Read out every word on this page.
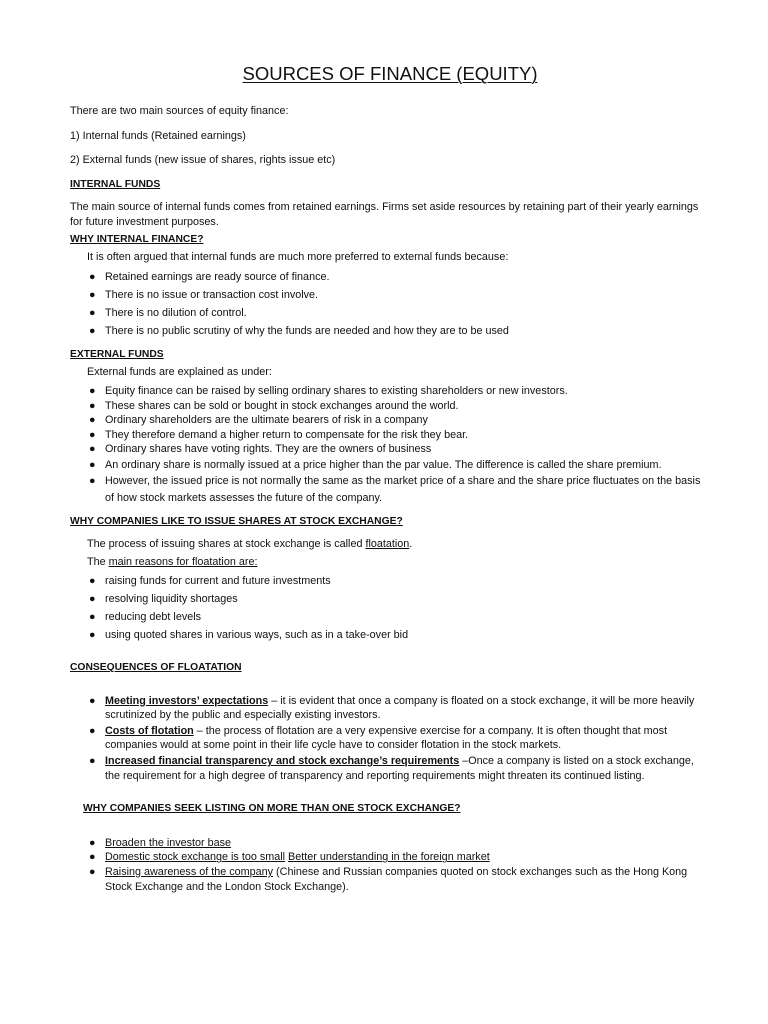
SOURCES OF FINANCE (EQUITY)

There are two main sources of equity finance:

1) Internal funds (Retained earnings)

2) External funds (new issue of shares, rights issue etc)

INTERNAL FUNDS

The main source of internal funds comes from retained earnings. Firms set aside resources by retaining part of their yearly earnings for future investment purposes.

WHY INTERNAL FINANCE?

It is often argued that internal funds are much more preferred to external funds because:

● Retained earnings are ready source of finance.
● There is no issue or transaction cost involve.
● There is no dilution of control.
● There is no public scrutiny of why the funds are needed and how they are to be used

EXTERNAL FUNDS

External funds are explained as under:

● Equity finance can be raised by selling ordinary shares to existing shareholders or new investors.
● These shares can be sold or bought in stock exchanges around the world.
● Ordinary shareholders are the ultimate bearers of risk in a company
● They therefore demand a higher return to compensate for the risk they bear.
● Ordinary shares have voting rights. They are the owners of business
● An ordinary share is normally issued at a price higher than the par value. The difference is called the share premium.
● However, the issued price is not normally the same as the market price of a share and the share price fluctuates on the basis of how stock markets assesses the future of the company.

WHY COMPANIES LIKE TO ISSUE SHARES AT STOCK EXCHANGE?

The process of issuing shares at stock exchange is called floatation.

The main reasons for floatation are:

● raising funds for current and future investments
● resolving liquidity shortages
● reducing debt levels
● using quoted shares in various ways, such as in a take-over bid

CONSEQUENCES OF FLOATATION

● Meeting investors’ expectations – it is evident that once a company is floated on a stock exchange, it will be more heavily scrutinized by the public and especially existing investors.
● Costs of flotation – the process of flotation are a very expensive exercise for a company. It is often thought that most companies would at some point in their life cycle have to consider flotation in the stock markets.
● Increased financial transparency and stock exchange’s requirements –Once a company is listed on a stock exchange, the requirement for a high degree of transparency and reporting requirements might threaten its continued listing.

WHY COMPANIES SEEK LISTING ON MORE THAN ONE STOCK EXCHANGE?

● Broaden the investor base
● Domestic stock exchange is too small Better understanding in the foreign market
● Raising awareness of the company (Chinese and Russian companies quoted on stock exchanges such as the Hong Kong Stock Exchange and the London Stock Exchange).
